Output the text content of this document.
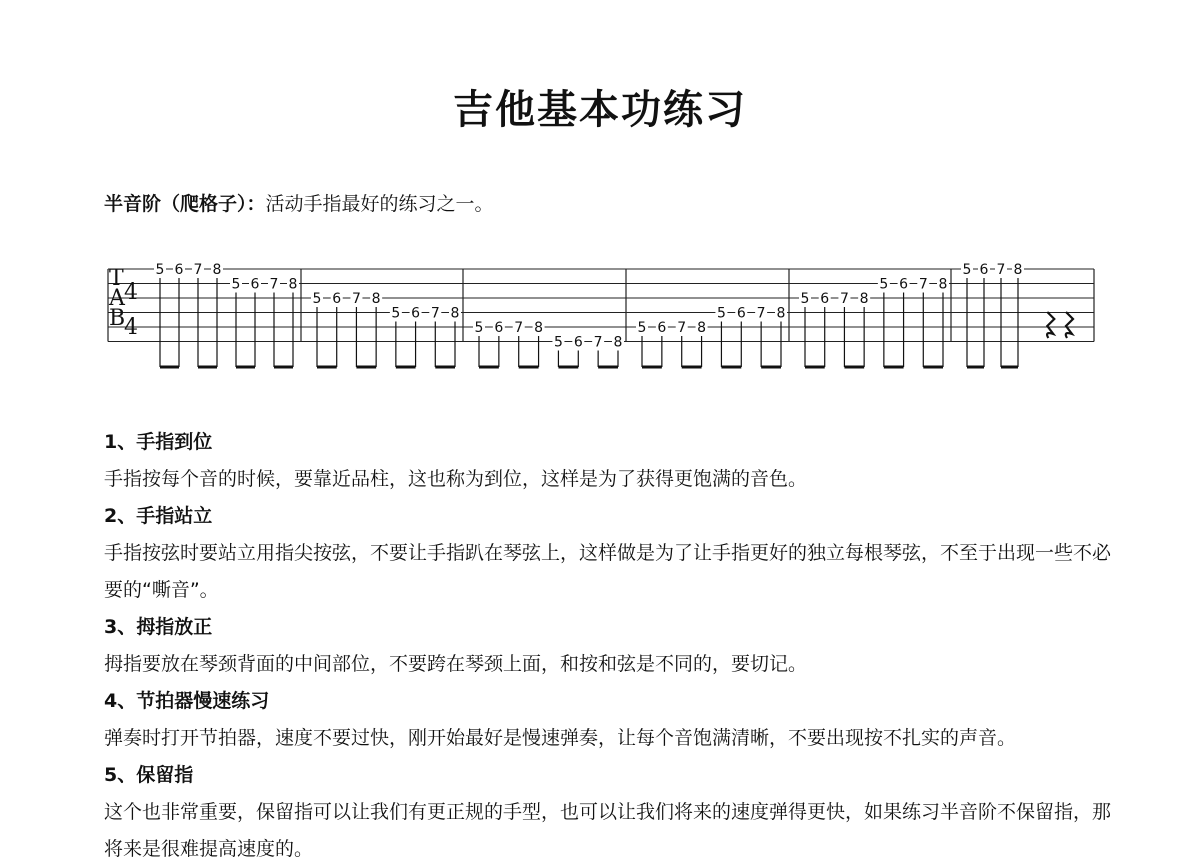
吉他基本功练习
半音阶（爬格子）：活动手指最好的练习之一。
T
A
B
4
4
5 6 7 8
5 6 7 8
5 6 7 8
5 6 7 8
5 6 7 8
5 6 7 8
5 6 7 8
5 6 7 8
5 6 7 8
5 6 7 8
5 6 7 8
1、手指到位
手指按每个音的时候，要靠近品柱，这也称为到位，这样是为了获得更饱满的音色。
2、手指站立
手指按弦时要站立用指尖按弦，不要让手指趴在琴弦上，这样做是为了让手指更好的独立每根琴弦，不至于出现一些不必要的“嘶音”。
3、拇指放正
拇指要放在琴颈背面的中间部位，不要跨在琴颈上面，和按和弦是不同的，要切记。
4、节拍器慢速练习
弹奏时打开节拍器，速度不要过快，刚开始最好是慢速弹奏，让每个音饱满清晰，不要出现按不扎实的声音。
5、保留指
这个也非常重要，保留指可以让我们有更正规的手型，也可以让我们将来的速度弹得更快，如果练习半音阶不保留指，那将来是很难提高速度的。
